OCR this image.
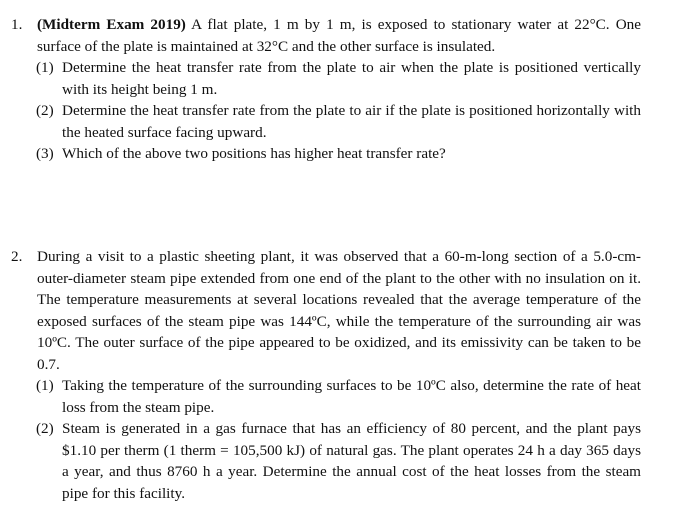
1. (Midterm Exam 2019) A flat plate, 1 m by 1 m, is exposed to stationary water at 22°C. One surface of the plate is maintained at 32°C and the other surface is insulated.
(1) Determine the heat transfer rate from the plate to air when the plate is positioned vertically with its height being 1 m.
(2) Determine the heat transfer rate from the plate to air if the plate is positioned horizontally with the heated surface facing upward.
(3) Which of the above two positions has higher heat transfer rate?
2. During a visit to a plastic sheeting plant, it was observed that a 60-m-long section of a 5.0-cm-outer-diameter steam pipe extended from one end of the plant to the other with no insulation on it. The temperature measurements at several locations revealed that the average temperature of the exposed surfaces of the steam pipe was 144ºC, while the temperature of the surrounding air was 10ºC. The outer surface of the pipe appeared to be oxidized, and its emissivity can be taken to be 0.7.
(1) Taking the temperature of the surrounding surfaces to be 10ºC also, determine the rate of heat loss from the steam pipe.
(2) Steam is generated in a gas furnace that has an efficiency of 80 percent, and the plant pays $1.10 per therm (1 therm = 105,500 kJ) of natural gas. The plant operates 24 h a day 365 days a year, and thus 8760 h a year. Determine the annual cost of the heat losses from the steam pipe for this facility.
